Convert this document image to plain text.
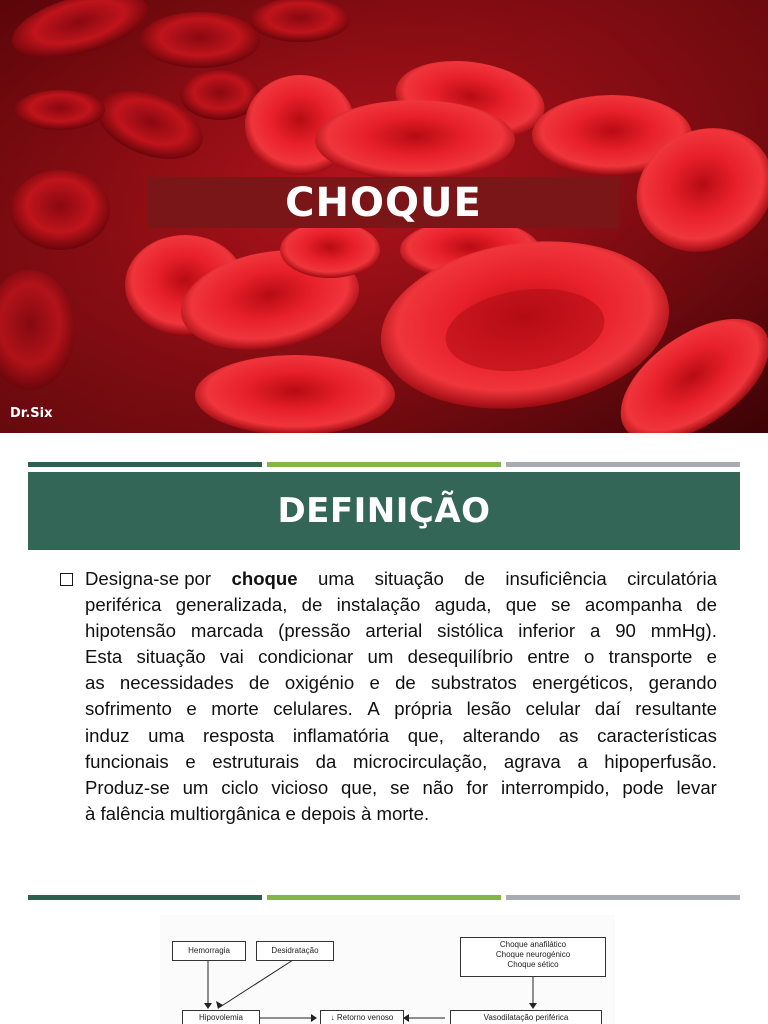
CHOQUE
Dr.Six
DEFINIÇÃO
Designa-se por choque uma situação de insuficiência circulatória
periférica generalizada, de instalação aguda, que se acompanha de
hipotensão marcada (pressão arterial sistólica inferior a 90 mmHg).
Esta situação vai condicionar um desequilíbrio entre o transporte e
as necessidades de oxigénio e de substratos energéticos, gerando
sofrimento e morte celulares. A própria lesão celular daí resultante
induz uma resposta inflamatória que, alterando as características
funcionais e estruturais da microcirculação, agrava a hipoperfusão.
Produz-se um ciclo vicioso que, se não for interrompido, pode levar
à falência multiorgânica e depois à morte.
Hemorragia	Desidratação
Choque anafilático
Choque neurogénico
Choque sético
Hipovolemia	↓ Retorno venoso	Vasodilatação periférica
